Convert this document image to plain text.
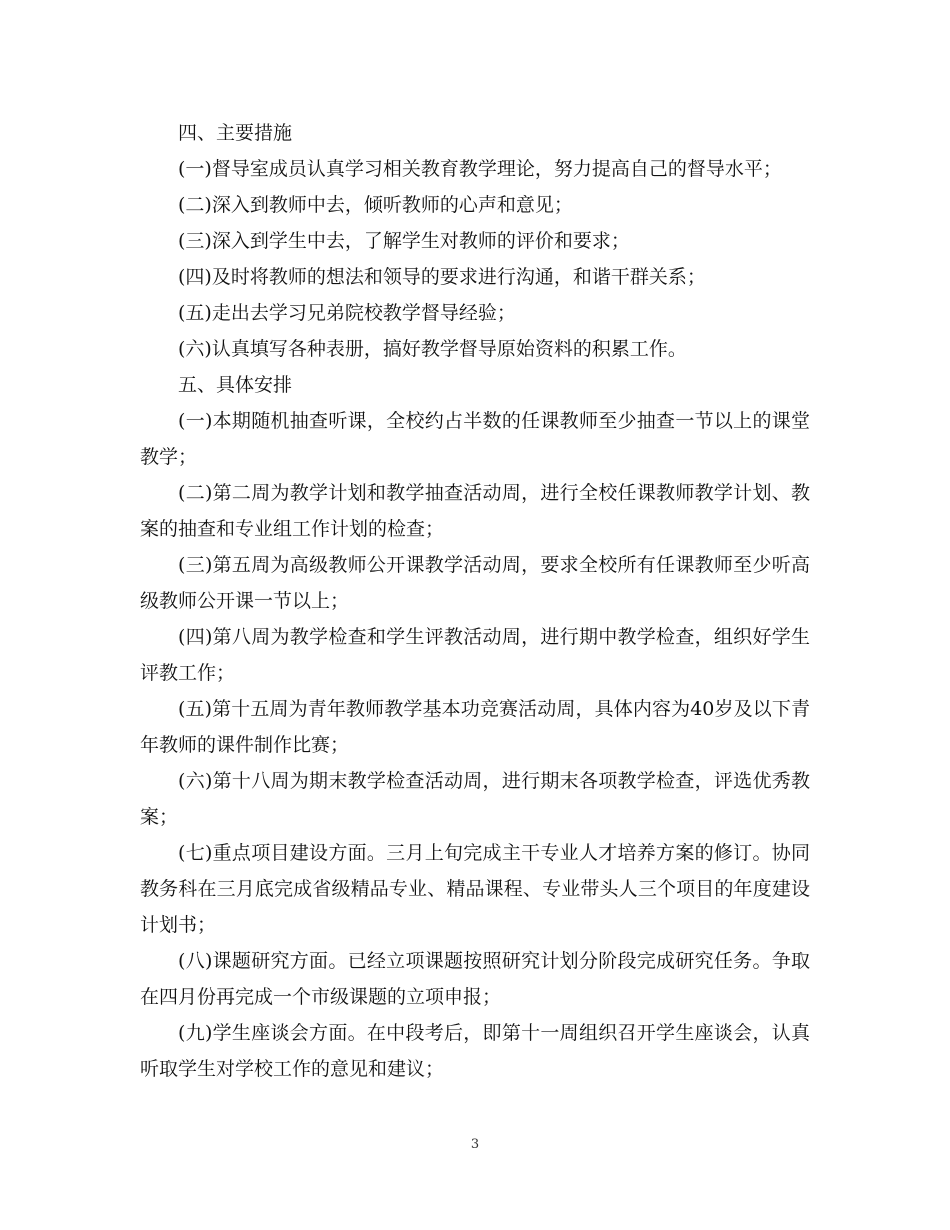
四、主要措施

(一)督导室成员认真学习相关教育教学理论，努力提高自己的督导水平；

(二)深入到教师中去，倾听教师的心声和意见；

(三)深入到学生中去，了解学生对教师的评价和要求；

(四)及时将教师的想法和领导的要求进行沟通，和谐干群关系；

(五)走出去学习兄弟院校教学督导经验；

(六)认真填写各种表册，搞好教学督导原始资料的积累工作。

五、具体安排

(一)本期随机抽查听课，全校约占半数的任课教师至少抽查一节以上的课堂教学；

(二)第二周为教学计划和教学抽查活动周，进行全校任课教师教学计划、教案的抽查和专业组工作计划的检查；

(三)第五周为高级教师公开课教学活动周，要求全校所有任课教师至少听高级教师公开课一节以上；

(四)第八周为教学检查和学生评教活动周，进行期中教学检查，组织好学生评教工作；

(五)第十五周为青年教师教学基本功竞赛活动周，具体内容为40岁及以下青年教师的课件制作比赛；

(六)第十八周为期末教学检查活动周，进行期末各项教学检查，评选优秀教案；

(七)重点项目建设方面。三月上旬完成主干专业人才培养方案的修订。协同教务科在三月底完成省级精品专业、精品课程、专业带头人三个项目的年度建设计划书；

(八)课题研究方面。已经立项课题按照研究计划分阶段完成研究任务。争取在四月份再完成一个市级课题的立项申报；

(九)学生座谈会方面。在中段考后，即第十一周组织召开学生座谈会，认真听取学生对学校工作的意见和建议；

3
